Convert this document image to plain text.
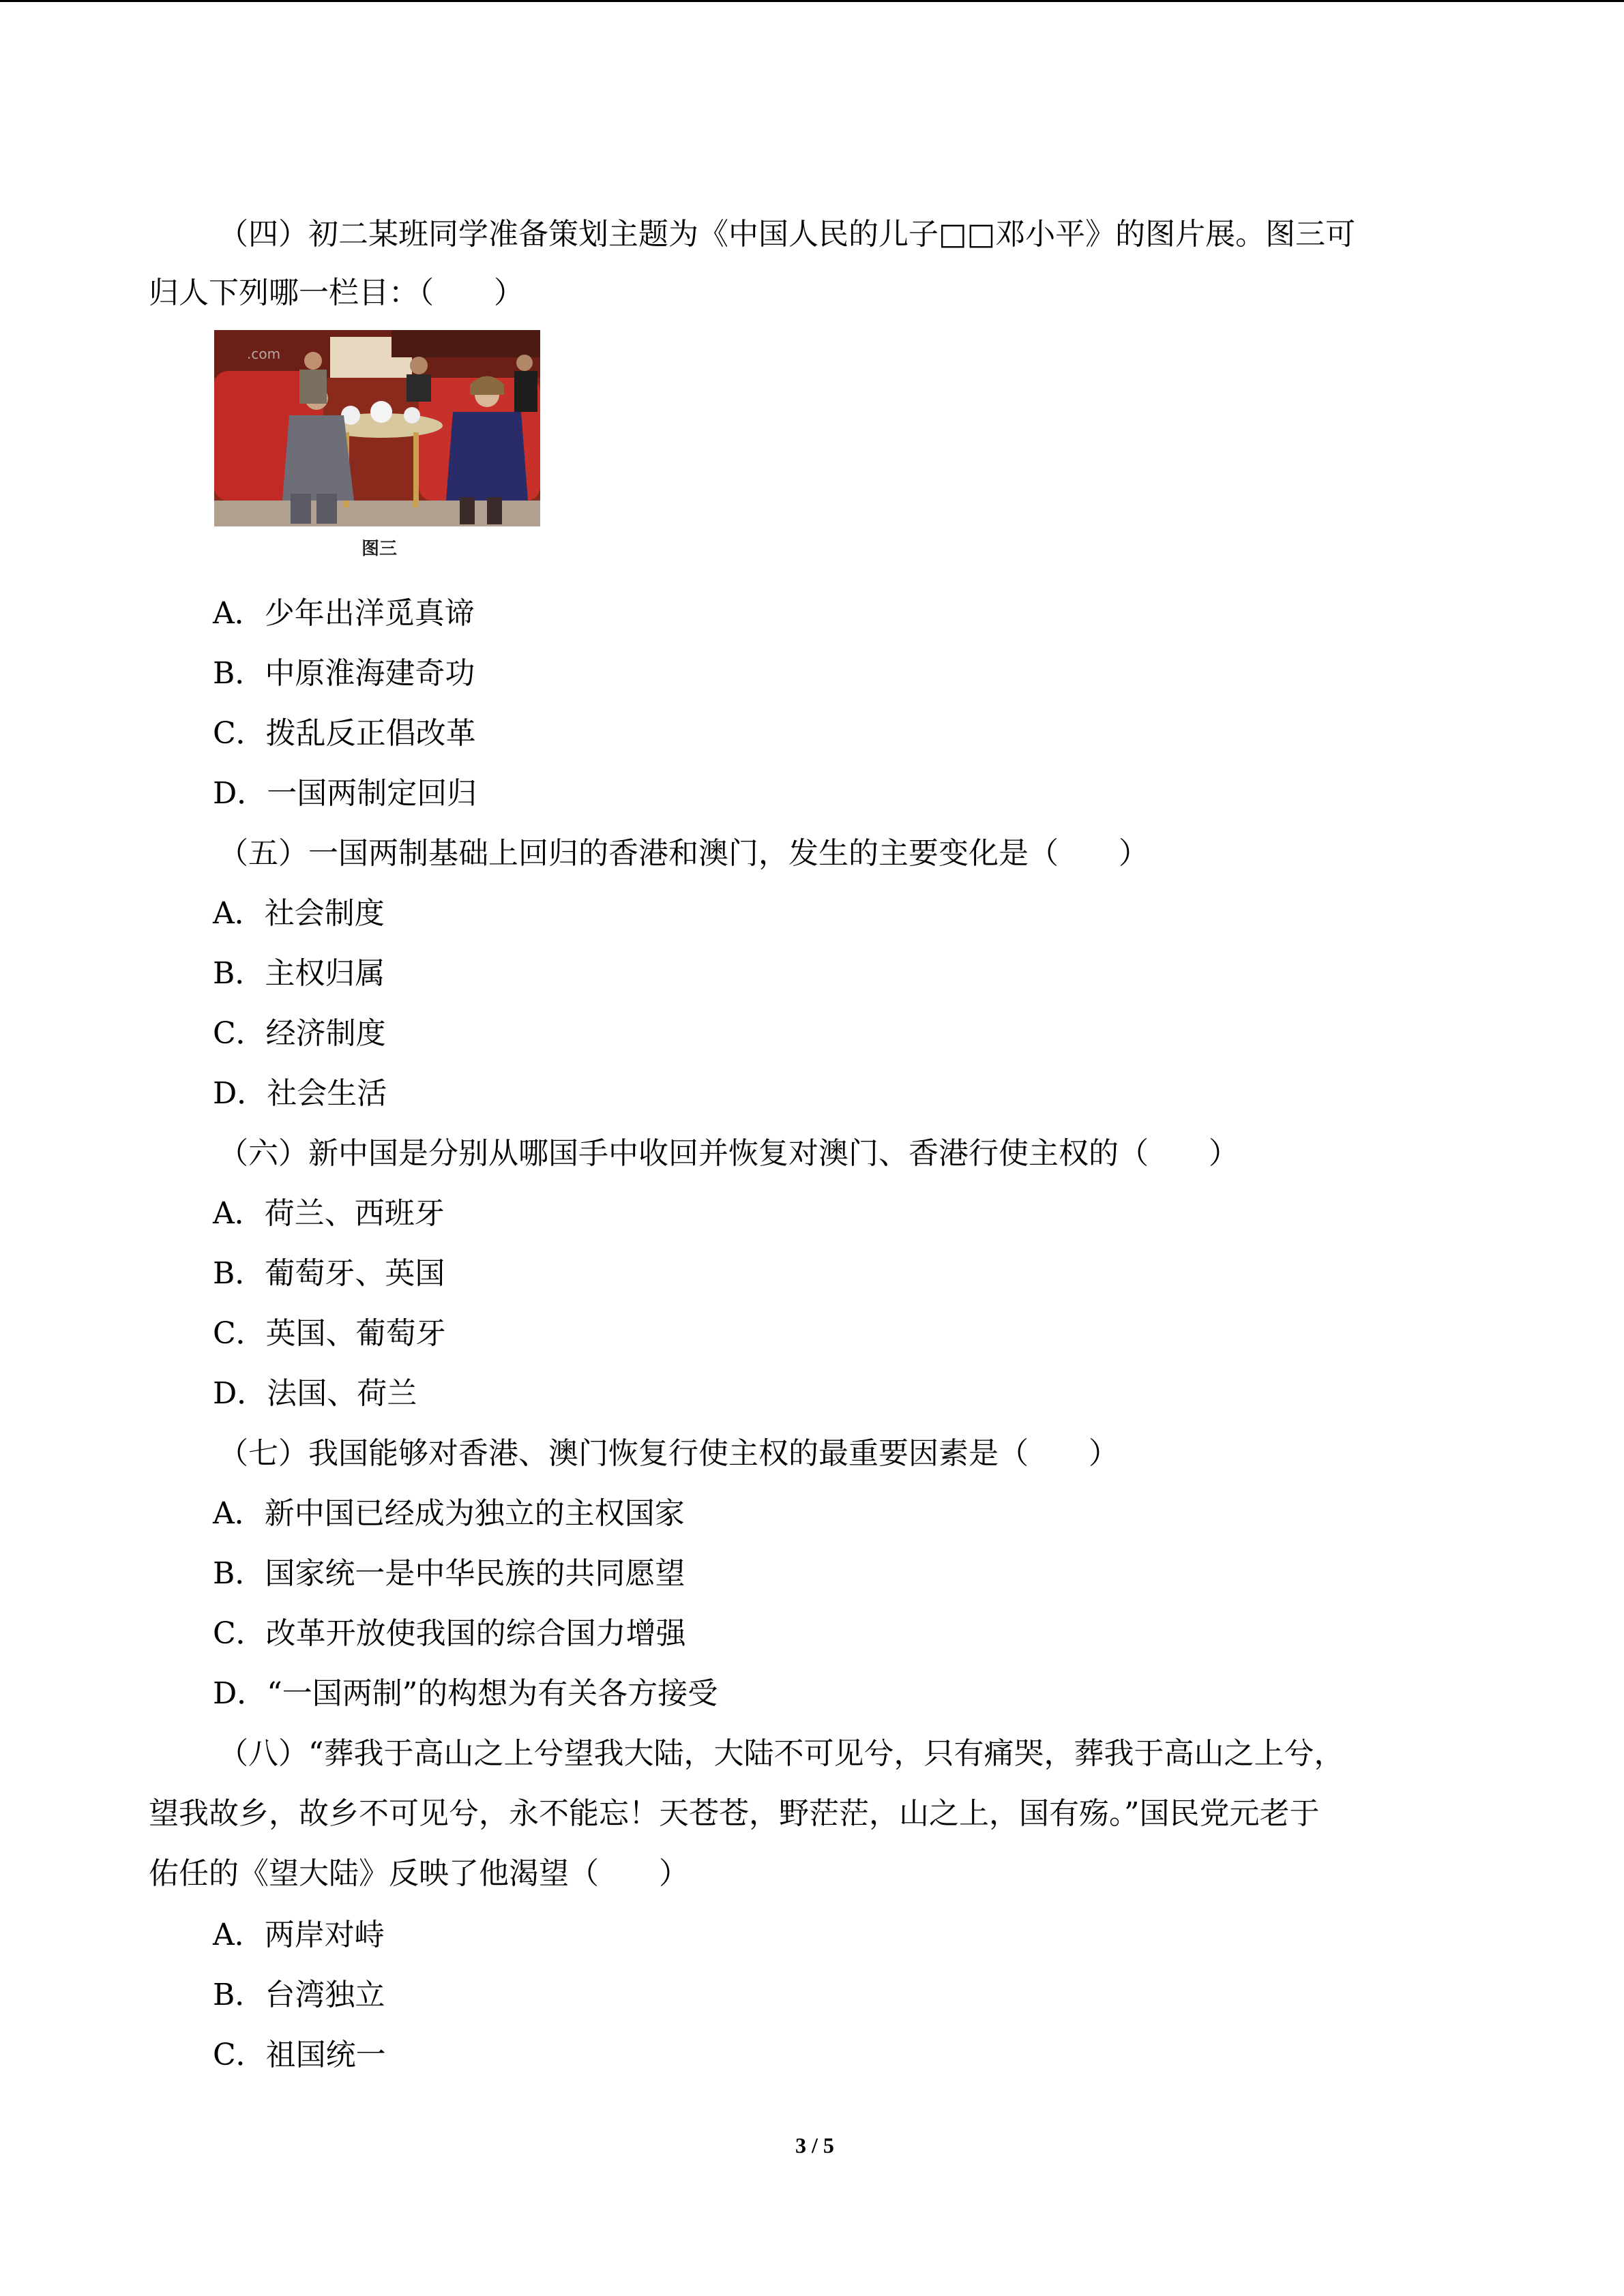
（四）初二某班同学准备策划主题为《中国人民的儿子□□邓小平》的图片展。图三可
归人下列哪一栏目：（　　）
.com
图三
A．少年出洋觅真谛
B．中原淮海建奇功
C．拨乱反正倡改革
D．一国两制定回归
（五）一国两制基础上回归的香港和澳门，发生的主要变化是（　　）
A．社会制度
B．主权归属
C．经济制度
D．社会生活
（六）新中国是分别从哪国手中收回并恢复对澳门、香港行使主权的（　　）
A．荷兰、西班牙
B．葡萄牙、英国
C．英国、葡萄牙
D．法国、荷兰
（七）我国能够对香港、澳门恢复行使主权的最重要因素是（　　）
A．新中国已经成为独立的主权国家
B．国家统一是中华民族的共同愿望
C．改革开放使我国的综合国力增强
D．“一国两制”的构想为有关各方接受
（八）“葬我于高山之上兮望我大陆，大陆不可见兮，只有痛哭，葬我于高山之上兮，
望我故乡，故乡不可见兮，永不能忘！天苍苍，野茫茫，山之上，国有殇。”国民党元老于
佑任的《望大陆》反映了他渴望（　　）
A．两岸对峙
B．台湾独立
C．祖国统一
3 / 5
